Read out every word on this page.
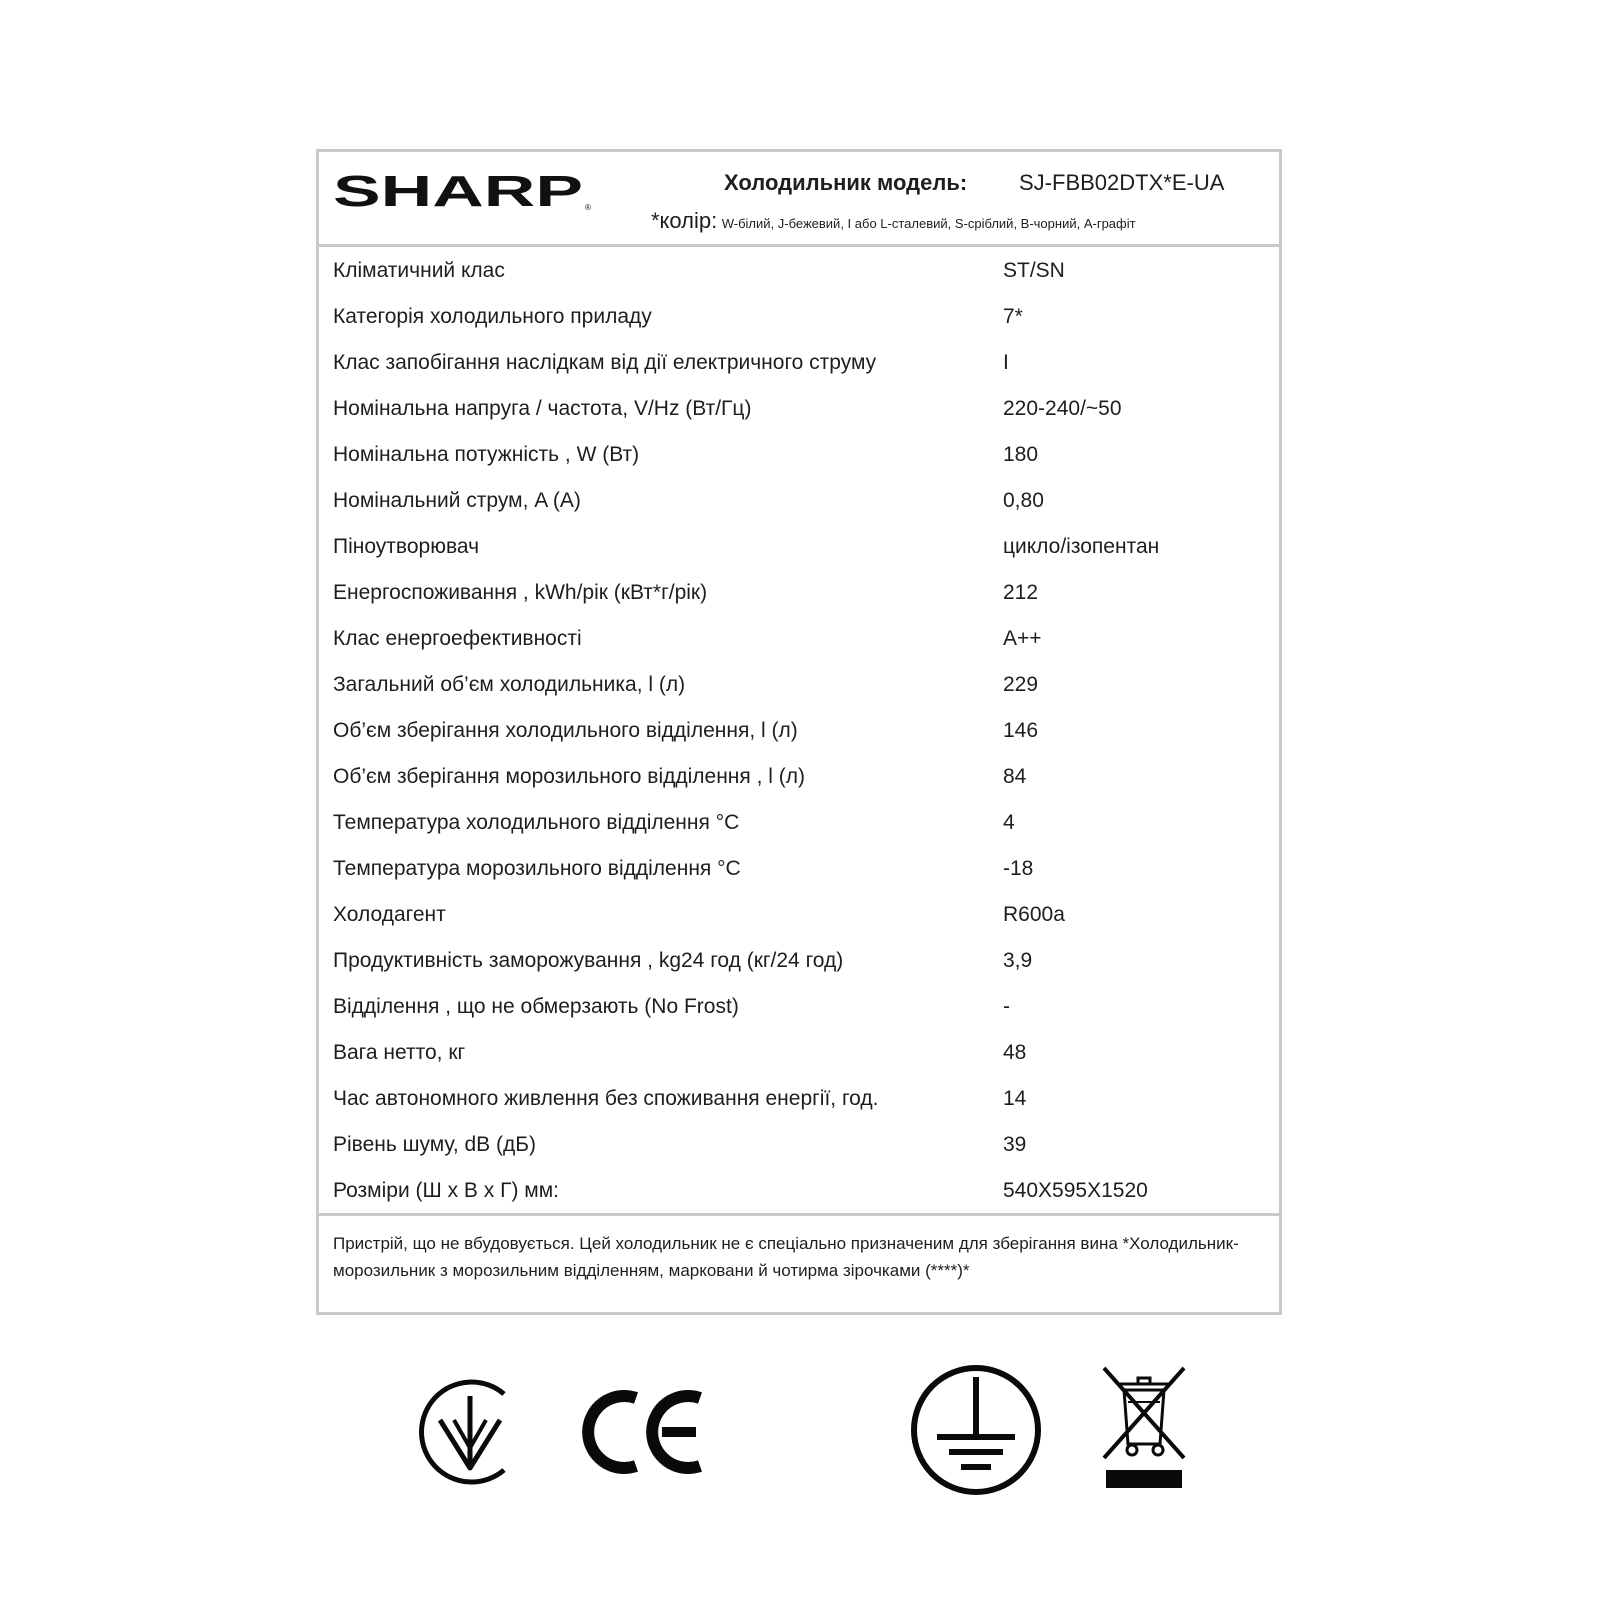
SHARP ®
Холодильник модель: SJ-FBB02DTX*E-UA
*колір: W-білий, J-бежевий, I або L-сталевий, S-сріблий, B-чорний, A-графіт
Кліматичний клас	ST/SN
Категорія холодильного приладу	7*
Клас запобігання наслідкам від дії електричного струму	I
Номінальна напруга / частота, V/Hz (Вт/Гц)	220-240/~50
Номінальна потужність , W (Вт)	180
Номінальний струм, A (A)	0,80
Піноутворювач	цикло/ізопентан
Енергоспоживання , kWh/рік (кВт*г/рік)	212
Клас енергоефективності	A++
Загальний об’єм холодильника, l (л)	229
Об’єм зберігання холодильного відділення, l (л)	146
Об’єм зберігання морозильного відділення , l (л)	84
Температура холодильного відділення °C	4
Температура морозильного відділення °C	-18
Холодагент	R600a
Продуктивність заморожування , kg24 год (кг/24 год)	3,9
Відділення , що не обмерзають (No Frost)	-
Вага нетто, кг	48
Час автономного живлення без споживання енергії, год.	14
Рівень шуму, dB (дБ)	39
Розміри (Ш х В х Г) мм:	540X595X1520
Пристрій, що не вбудовується. Цей холодильник не є спеціально призначеним для зберігання вина *Холодильник-морозильник з морозильним відділенням, марковани й чотирма зірочками (****)*
